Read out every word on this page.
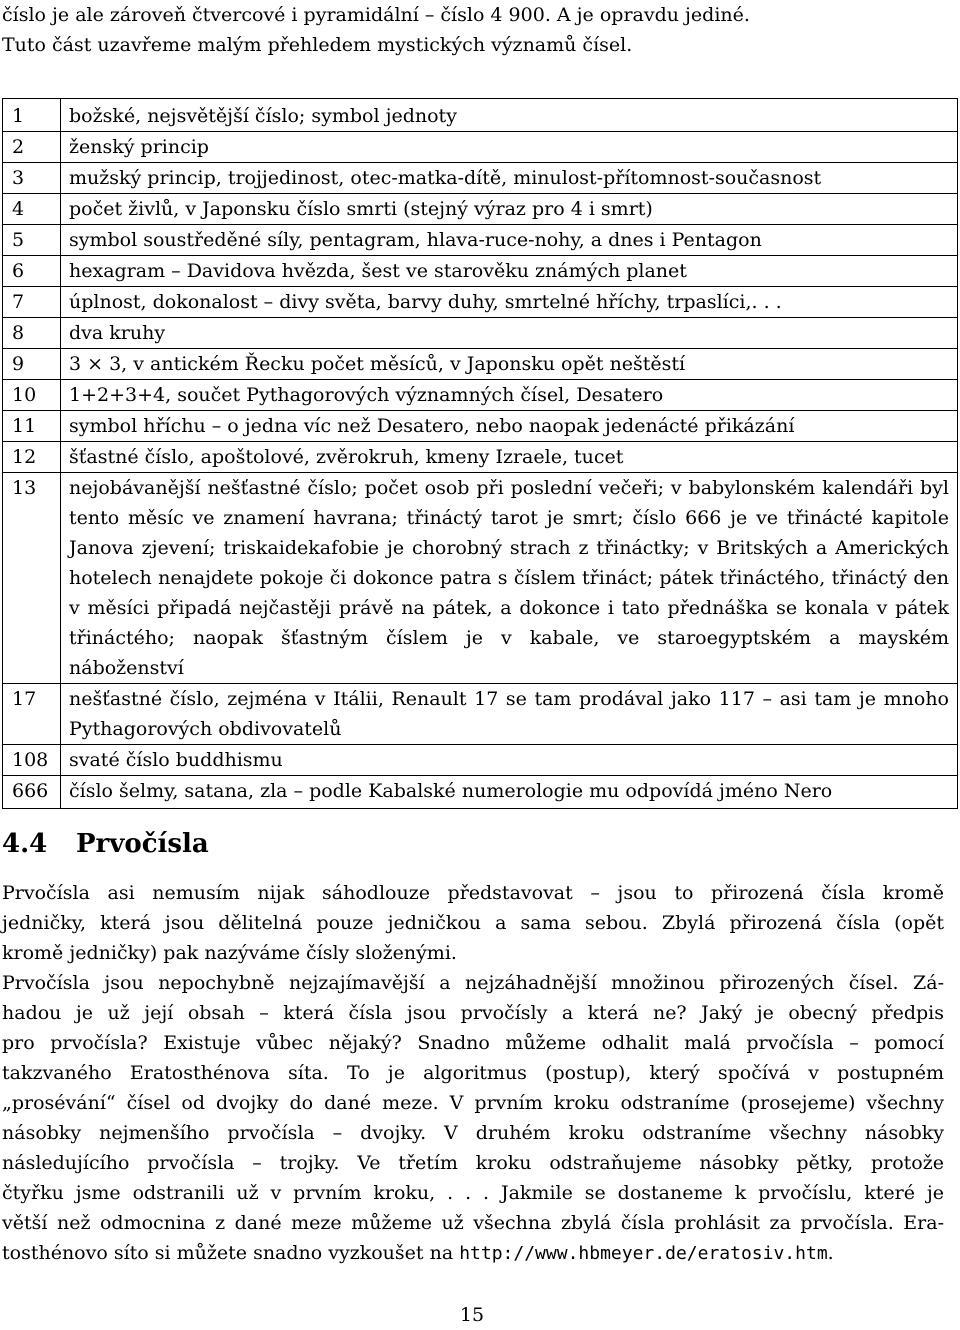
číslo je ale zároveň čtvercové i pyramidální – číslo 4 900. A je opravdu jediné.
Tuto část uzavřeme malým přehledem mystických významů čísel.
1	božské, nejsvětější číslo; symbol jednoty
2	ženský princip
3	mužský princip, trojjedinost, otec-matka-dítě, minulost-přítomnost-současnost
4	počet živlů, v Japonsku číslo smrti (stejný výraz pro 4 i smrt)
5	symbol soustředěné síly, pentagram, hlava-ruce-nohy, a dnes i Pentagon
6	hexagram – Davidova hvězda, šest ve starověku známých planet
7	úplnost, dokonalost – divy světa, barvy duhy, smrtelné hříchy, trpaslíci,. . .
8	dva kruhy
9	3 × 3, v antickém Řecku počet měsíců, v Japonsku opět neštěstí
10	1+2+3+4, součet Pythagorových významných čísel, Desatero
11	symbol hříchu – o jedna víc než Desatero, nebo naopak jedenácté přikázání
12	šťastné číslo, apoštolové, zvěrokruh, kmeny Izraele, tucet
13	nejobávanější nešťastné číslo; počet osob při poslední večeři; v babylonském kalendáři byl tento měsíc ve znamení havrana; třináctý tarot je smrt; číslo 666 je ve třinácté kapitole Janova zjevení; triskaidekafobie je chorobný strach z třináctky; v Britských a Amerických hotelech nenajdete pokoje či dokonce patra s číslem třináct; pátek třináctého, třináctý den v měsíci připadá nejčastěji právě na pátek, a dokonce i tato přednáška se konala v pátek třináctého; naopak šťastným číslem je v kabale, ve staroegyptském a mayském náboženství
17	nešťastné číslo, zejména v Itálii, Renault 17 se tam prodával jako 117 – asi tam je mnoho Pythagorových obdivovatelů
108	svaté číslo buddhismu
666	číslo šelmy, satana, zla – podle Kabalské numerologie mu odpovídá jméno Nero
4.4 Prvočísla
Prvočísla asi nemusím nijak sáhodlouze představovat – jsou to přirozená čísla kromě
jedničky, která jsou dělitelná pouze jedničkou a sama sebou. Zbylá přirozená čísla (opět
kromě jedničky) pak nazýváme čísly složenými.
Prvočísla jsou nepochybně nejzajímavější a nejzáhadnější množinou přirozených čísel. Zá-
hadou je už její obsah – která čísla jsou prvočísly a která ne? Jaký je obecný předpis
pro prvočísla? Existuje vůbec nějaký? Snadno můžeme odhalit malá prvočísla – pomocí
takzvaného Eratosthénova síta. To je algoritmus (postup), který spočívá v postupném
„prosévání“ čísel od dvojky do dané meze. V prvním kroku odstraníme (prosejeme) všechny
násobky nejmenšího prvočísla – dvojky. V druhém kroku odstraníme všechny násobky
následujícího prvočísla – trojky. Ve třetím kroku odstraňujeme násobky pětky, protože
čtyřku jsme odstranili už v prvním kroku, . . . Jakmile se dostaneme k prvočíslu, které je
větší než odmocnina z dané meze můžeme už všechna zbylá čísla prohlásit za prvočísla. Era-
tosthénovo síto si můžete snadno vyzkoušet na http://www.hbmeyer.de/eratosiv.htm.
15
